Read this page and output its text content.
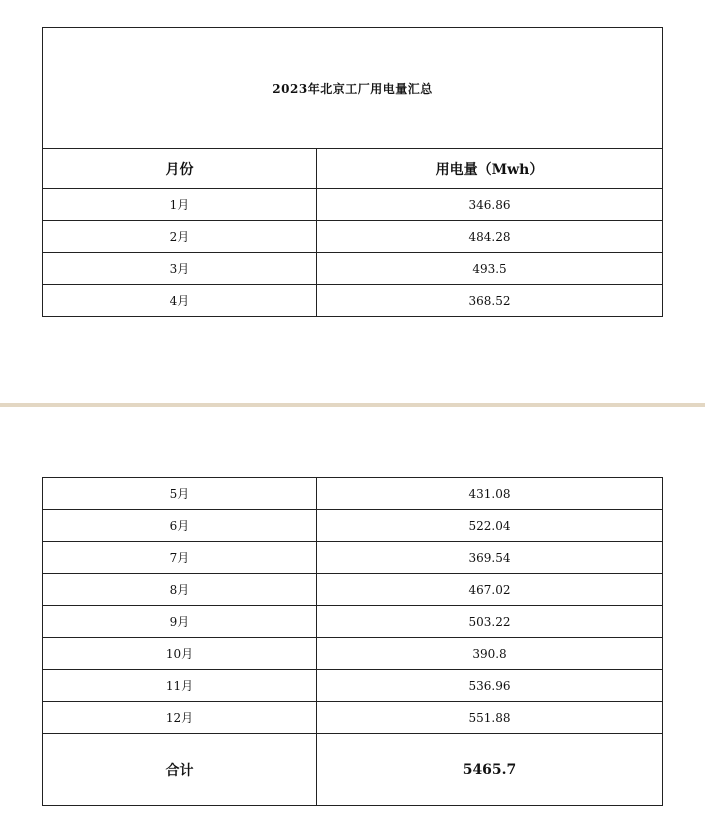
2023年北京工厂用电量汇总	
月份	用电量（Mwh）
1月	346.86
2月	484.28
3月	493.5
4月	368.52
5月	431.08
6月	522.04
7月	369.54
8月	467.02
9月	503.22
10月	390.8
11月	536.96
12月	551.88
合计	5465.7
